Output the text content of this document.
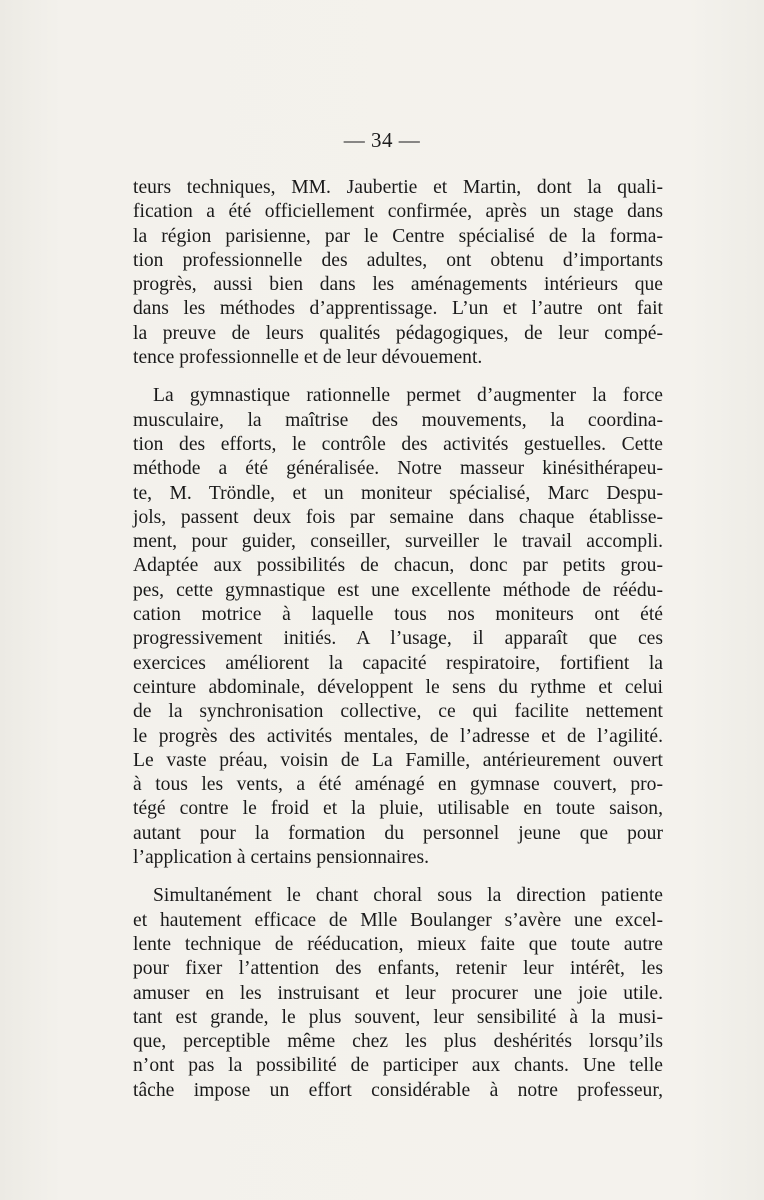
— 34 —
teurs techniques, MM. Jaubertie et Martin, dont la quali-
fication a été officiellement confirmée, après un stage dans
la région parisienne, par le Centre spécialisé de la forma-
tion professionnelle des adultes, ont obtenu d’importants
progrès, aussi bien dans les aménagements intérieurs que
dans les méthodes d’apprentissage. L’un et l’autre ont fait
la preuve de leurs qualités pédagogiques, de leur compé-
tence professionnelle et de leur dévouement.
La gymnastique rationnelle permet d’augmenter la force
musculaire, la maîtrise des mouvements, la coordina-
tion des efforts, le contrôle des activités gestuelles. Cette
méthode a été généralisée. Notre masseur kinésithérapeu-
te, M. Tröndle, et un moniteur spécialisé, Marc Despu-
jols, passent deux fois par semaine dans chaque établisse-
ment, pour guider, conseiller, surveiller le travail accompli.
Adaptée aux possibilités de chacun, donc par petits grou-
pes, cette gymnastique est une excellente méthode de réédu-
cation motrice à laquelle tous nos moniteurs ont été
progressivement initiés. A l’usage, il apparaît que ces
exercices améliorent la capacité respiratoire, fortifient la
ceinture abdominale, développent le sens du rythme et celui
de la synchronisation collective, ce qui facilite nettement
le progrès des activités mentales, de l’adresse et de l’agilité.
Le vaste préau, voisin de La Famille, antérieurement ouvert
à tous les vents, a été aménagé en gymnase couvert, pro-
tégé contre le froid et la pluie, utilisable en toute saison,
autant pour la formation du personnel jeune que pour
l’application à certains pensionnaires.
Simultanément le chant choral sous la direction patiente
et hautement efficace de Mlle Boulanger s’avère une excel-
lente technique de rééducation, mieux faite que toute autre
pour fixer l’attention des enfants, retenir leur intérêt, les
amuser en les instruisant et leur procurer une joie utile.
tant est grande, le plus souvent, leur sensibilité à la musi-
que, perceptible même chez les plus deshérités lorsqu’ils
n’ont pas la possibilité de participer aux chants. Une telle
tâche impose un effort considérable à notre professeur,
